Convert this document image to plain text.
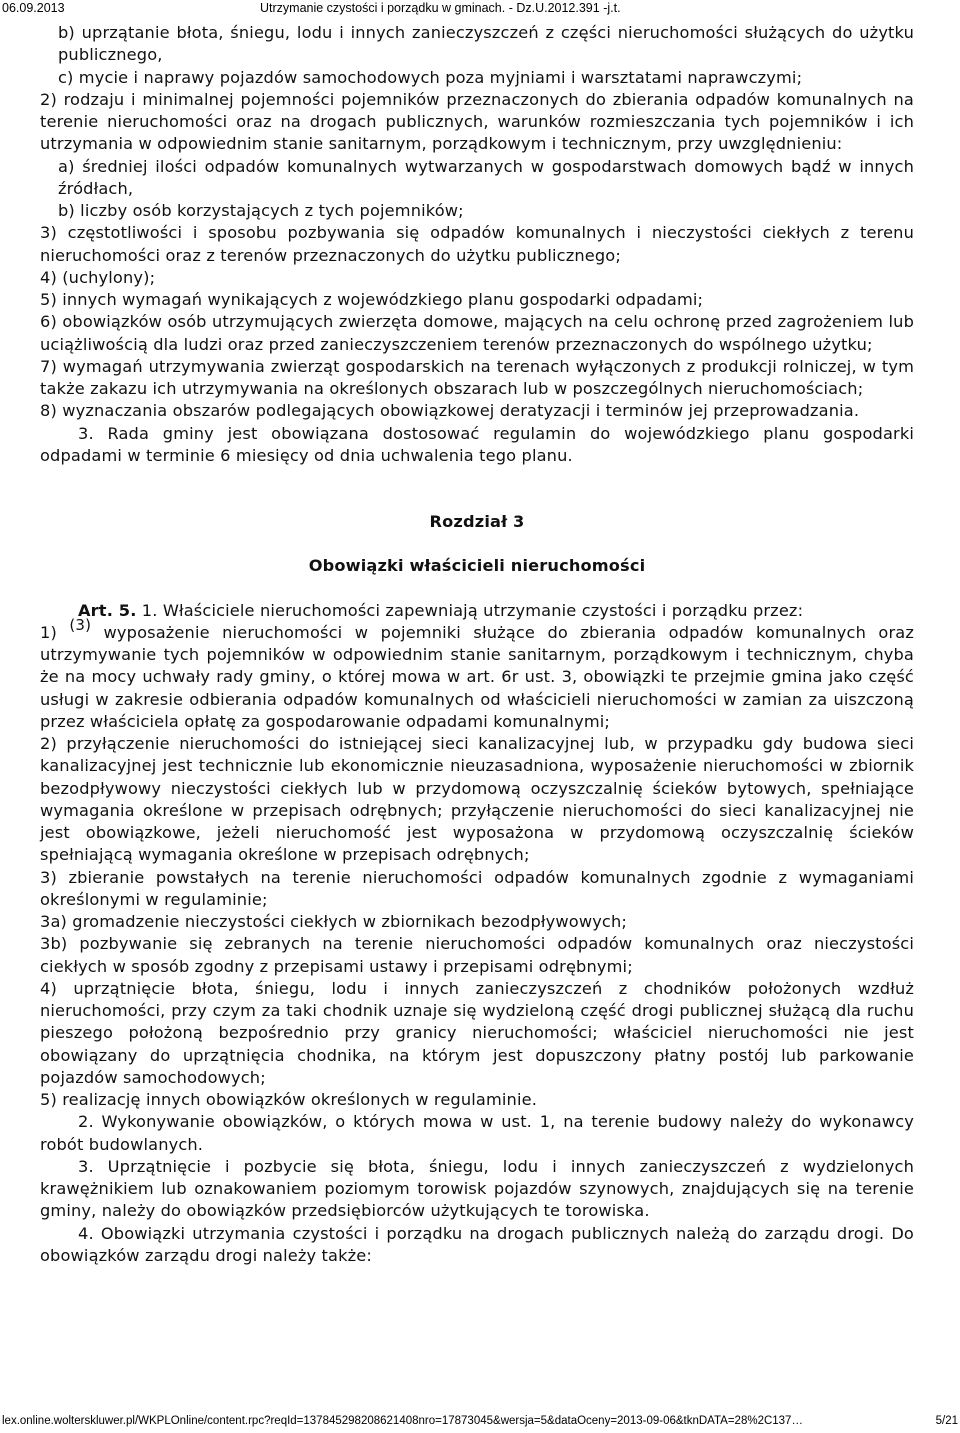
06.09.2013	Utrzymanie czystości i porządku w gminach. - Dz.U.2012.391 -j.t.

b) uprzątanie błota, śniegu, lodu i innych zanieczyszczeń z części nieruchomości służących do użytku publicznego,

c) mycie i naprawy pojazdów samochodowych poza myjniami i warsztatami naprawczymi;

2) rodzaju i minimalnej pojemności pojemników przeznaczonych do zbierania odpadów komunalnych na terenie nieruchomości oraz na drogach publicznych, warunków rozmieszczania tych pojemników i ich utrzymania w odpowiednim stanie sanitarnym, porządkowym i technicznym, przy uwzględnieniu:

a) średniej ilości odpadów komunalnych wytwarzanych w gospodarstwach domowych bądź w innych źródłach,

b) liczby osób korzystających z tych pojemników;

3) częstotliwości i sposobu pozbywania się odpadów komunalnych i nieczystości ciekłych z terenu nieruchomości oraz z terenów przeznaczonych do użytku publicznego;

4) (uchylony);

5) innych wymagań wynikających z wojewódzkiego planu gospodarki odpadami;

6) obowiązków osób utrzymujących zwierzęta domowe, mających na celu ochronę przed zagrożeniem lub uciążliwością dla ludzi oraz przed zanieczyszczeniem terenów przeznaczonych do wspólnego użytku;

7) wymagań utrzymywania zwierząt gospodarskich na terenach wyłączonych z produkcji rolniczej, w tym także zakazu ich utrzymywania na określonych obszarach lub w poszczególnych nieruchomościach;

8) wyznaczania obszarów podlegających obowiązkowej deratyzacji i terminów jej przeprowadzania.

3. Rada gminy jest obowiązana dostosować regulamin do wojewódzkiego planu gospodarki odpadami w terminie 6 miesięcy od dnia uchwalenia tego planu.

Rozdział 3

Obowiązki właścicieli nieruchomości

Art. 5. 1. Właściciele nieruchomości zapewniają utrzymanie czystości i porządku przez:

1) $^{(3)}$ wyposażenie nieruchomości w pojemniki służące do zbierania odpadów komunalnych oraz utrzymywanie tych pojemników w odpowiednim stanie sanitarnym, porządkowym i technicznym, chyba że na mocy uchwały rady gminy, o której mowa w art. 6r ust. 3, obowiązki te przejmie gmina jako część usługi w zakresie odbierania odpadów komunalnych od właścicieli nieruchomości w zamian za uiszczoną przez właściciela opłatę za gospodarowanie odpadami komunalnymi;

2) przyłączenie nieruchomości do istniejącej sieci kanalizacyjnej lub, w przypadku gdy budowa sieci kanalizacyjnej jest technicznie lub ekonomicznie nieuzasadniona, wyposażenie nieruchomości w zbiornik bezodpływowy nieczystości ciekłych lub w przydomową oczyszczalnię ścieków bytowych, spełniające wymagania określone w przepisach odrębnych; przyłączenie nieruchomości do sieci kanalizacyjnej nie jest obowiązkowe, jeżeli nieruchomość jest wyposażona w przydomową oczyszczalnię ścieków spełniającą wymagania określone w przepisach odrębnych;

3) zbieranie powstałych na terenie nieruchomości odpadów komunalnych zgodnie z wymaganiami określonymi w regulaminie;

3a) gromadzenie nieczystości ciekłych w zbiornikach bezodpływowych;

3b) pozbywanie się zebranych na terenie nieruchomości odpadów komunalnych oraz nieczystości ciekłych w sposób zgodny z przepisami ustawy i przepisami odrębnymi;

4) uprzątnięcie błota, śniegu, lodu i innych zanieczyszczeń z chodników położonych wzdłuż nieruchomości, przy czym za taki chodnik uznaje się wydzieloną część drogi publicznej służącą dla ruchu pieszego położoną bezpośrednio przy granicy nieruchomości; właściciel nieruchomości nie jest obowiązany do uprzątnięcia chodnika, na którym jest dopuszczony płatny postój lub parkowanie pojazdów samochodowych;

5) realizację innych obowiązków określonych w regulaminie.

2. Wykonywanie obowiązków, o których mowa w ust. 1, na terenie budowy należy do wykonawcy robót budowlanych.

3. Uprzątnięcie i pozbycie się błota, śniegu, lodu i innych zanieczyszczeń z wydzielonych krawężnikiem lub oznakowaniem poziomym torowisk pojazdów szynowych, znajdujących się na terenie gminy, należy do obowiązków przedsiębiorców użytkujących te torowiska.

4. Obowiązki utrzymania czystości i porządku na drogach publicznych należą do zarządu drogi. Do obowiązków zarządu drogi należy także:

lex.online.wolterskluwer.pl/WKPLOnline/content.rpc?reqId=137845298208621408nro=17873045&wersja=5&dataOceny=2013-09-06&tknDATA=28%2C137…	5/21
